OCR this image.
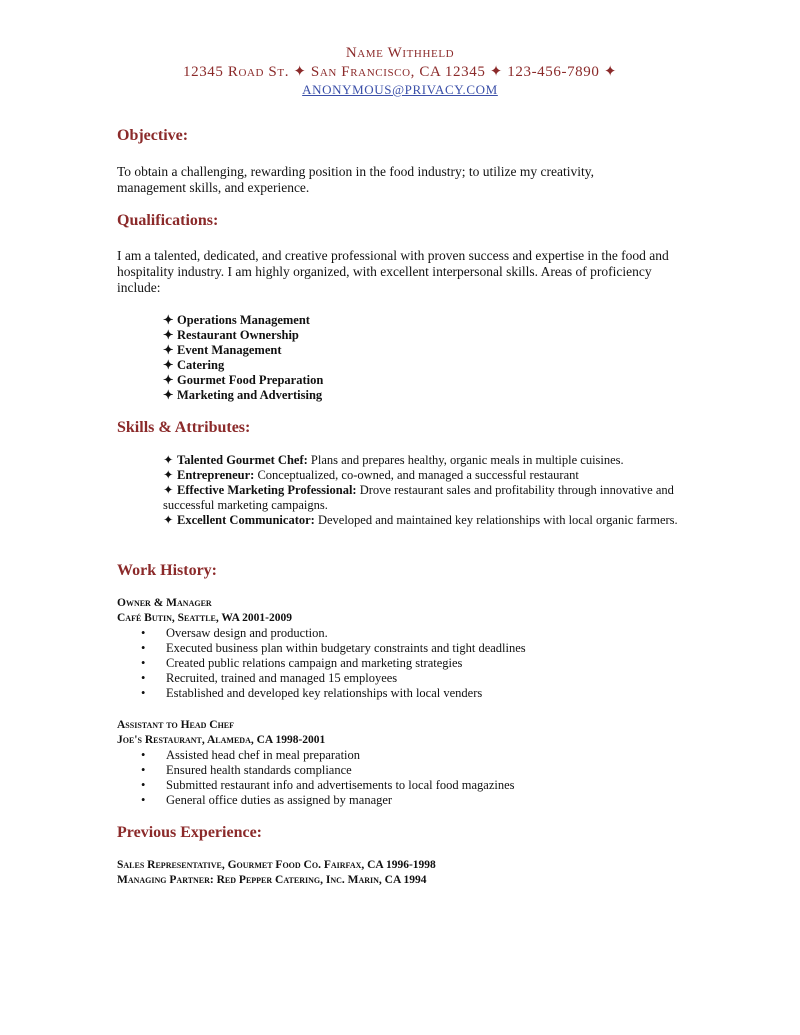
Name Withheld
12345 Road St. ✦ San Francisco, CA 12345 ✦ 123-456-7890 ✦
ANONYMOUS@PRIVACY.COM
Objective:
To obtain a challenging, rewarding position in the food industry; to utilize my creativity, management skills, and experience.
Qualifications:
I am a talented, dedicated, and creative professional with proven success and expertise in the food and hospitality industry. I am highly organized, with excellent interpersonal skills. Areas of proficiency include:
✦ Operations Management
✦ Restaurant Ownership
✦ Event Management
✦ Catering
✦ Gourmet Food Preparation
✦ Marketing and Advertising
Skills & Attributes:
✦ Talented Gourmet Chef: Plans and prepares healthy, organic meals in multiple cuisines.
✦ Entrepreneur: Conceptualized, co-owned, and managed a successful restaurant
✦ Effective Marketing Professional: Drove restaurant sales and profitability through innovative and successful marketing campaigns.
✦ Excellent Communicator: Developed and maintained key relationships with local organic farmers.
Work History:
Owner & Manager
Café Butin, Seattle, WA 2001-2009
• Oversaw design and production.
• Executed business plan within budgetary constraints and tight deadlines
• Created public relations campaign and marketing strategies
• Recruited, trained and managed 15 employees
• Established and developed key relationships with local venders
Assistant to Head Chef
Joe's Restaurant, Alameda, CA 1998-2001
• Assisted head chef in meal preparation
• Ensured health standards compliance
• Submitted restaurant info and advertisements to local food magazines
• General office duties as assigned by manager
Previous Experience:
Sales Representative, Gourmet Food Co. Fairfax, CA 1996-1998
Managing Partner: Red Pepper Catering, Inc. Marin, CA 1994
